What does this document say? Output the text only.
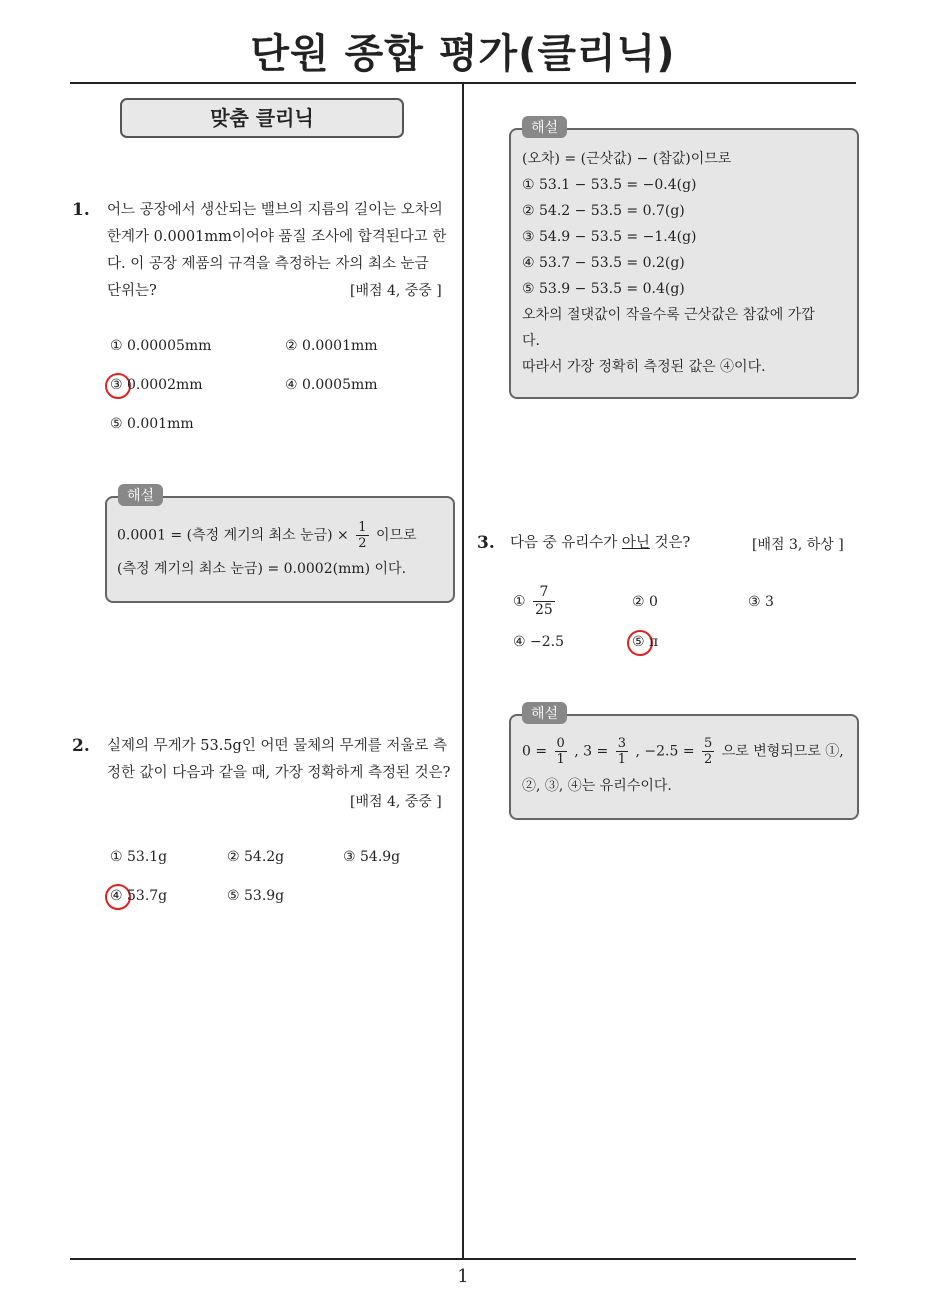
단원 종합 평가(클리닉)
1
맞춤 클리닉
1. 어느 공장에서 생산되는 밸브의 지름의 길이는 오차의
한계가 0.0001mm이어야 품질 조사에 합격된다고 한
다. 이 공장 제품의 규격을 측정하는 자의 최소 눈금
단위는?	[배점 4, 중중 ]
① 0.00005mm	② 0.0001mm
③ 0.0002mm	④ 0.0005mm
⑤ 0.001mm
해설
0.0001 = (측정 계기의 최소 눈금) × $\frac{1}{2}$ 이므로
(측정 계기의 최소 눈금) = 0.0002(mm) 이다.
2. 실제의 무게가 53.5g인 어떤 물체의 무게를 저울로 측
정한 값이 다음과 같을 때, 가장 정확하게 측정된 것은?
[배점 4, 중중 ]
① 53.1g	② 54.2g	③ 54.9g
④ 53.7g	⑤ 53.9g
해설
(오차) = (근삿값) − (참값)이므로
① 53.1 − 53.5 = −0.4(g)
② 54.2 − 53.5 = 0.7(g)
③ 54.9 − 53.5 = −1.4(g)
④ 53.7 − 53.5 = 0.2(g)
⑤ 53.9 − 53.5 = 0.4(g)
오차의 절댓값이 작을수록 근삿값은 참값에 가깝
다.
따라서 가장 정확히 측정된 값은 ④이다.
3. 다음 중 유리수가 아닌 것은?	[배점 3, 하상 ]
① $\frac{7}{25}$	② 0	③ 3
④ −2.5	⑤ π
해설
$0 = \frac{0}{1}$ , $3 = \frac{3}{1}$ , $-2.5 = \frac{5}{2}$ 으로 변형되므로 ①,
②, ③, ④는 유리수이다.
